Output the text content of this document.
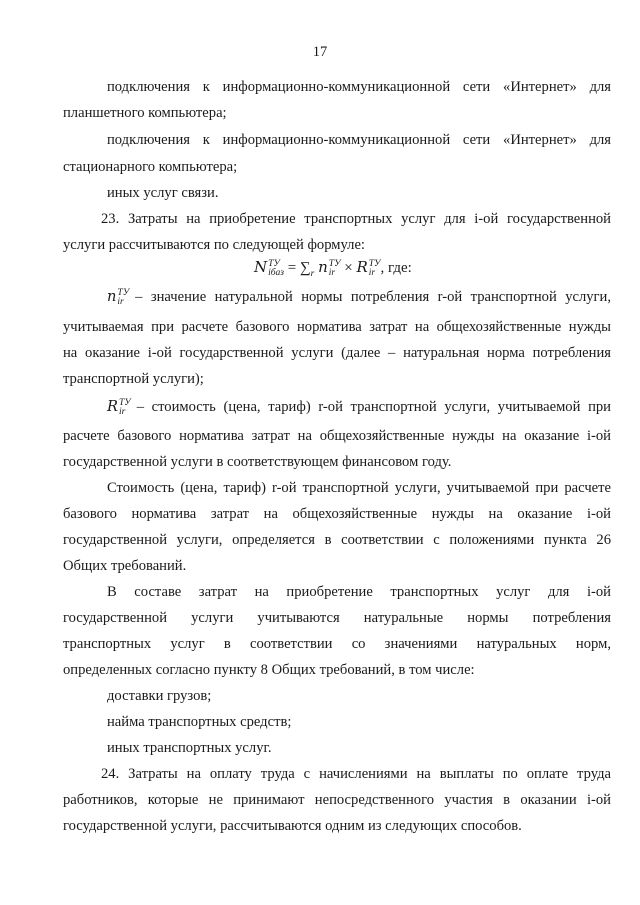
17
подключения к информационно-коммуникационной сети «Интернет» для
планшетного компьютера;
подключения к информационно-коммуникационной сети «Интернет» для
стационарного компьютера;
иных услуг связи.
23. Затраты на приобретение транспортных услуг для i-ой государственной
услуги рассчитываются по следующей формуле:
N ТУ
iбаз = $\sum_r$ n ТУ
ir × R ТУ
ir , где:
n ТУ
ir – значение натуральной нормы потребления r-ой транспортной услуги,
учитываемая при расчете базового норматива затрат на общехозяйственные нужды
на оказание i-ой государственной услуги (далее – натуральная норма потребления
транспортной услуги);
R ТУ
ir – стоимость (цена, тариф) r-ой транспортной услуги, учитываемой при
расчете базового норматива затрат на общехозяйственные нужды на оказание i-ой
государственной услуги в соответствующем финансовом году.
Стоимость (цена, тариф) r-ой транспортной услуги, учитываемой при расчете
базового норматива затрат на общехозяйственные нужды на оказание i-ой
государственной услуги, определяется в соответствии с положениями пункта 26
Общих требований.
В составе затрат на приобретение транспортных услуг для i-ой
государственной услуги учитываются натуральные нормы потребления
транспортных услуг в соответствии со значениями натуральных норм,
определенных согласно пункту 8 Общих требований, в том числе:
доставки грузов;
найма транспортных средств;
иных транспортных услуг.
24. Затраты на оплату труда с начислениями на выплаты по оплате труда
работников, которые не принимают непосредственного участия в оказании i-ой
государственной услуги, рассчитываются одним из следующих способов.
